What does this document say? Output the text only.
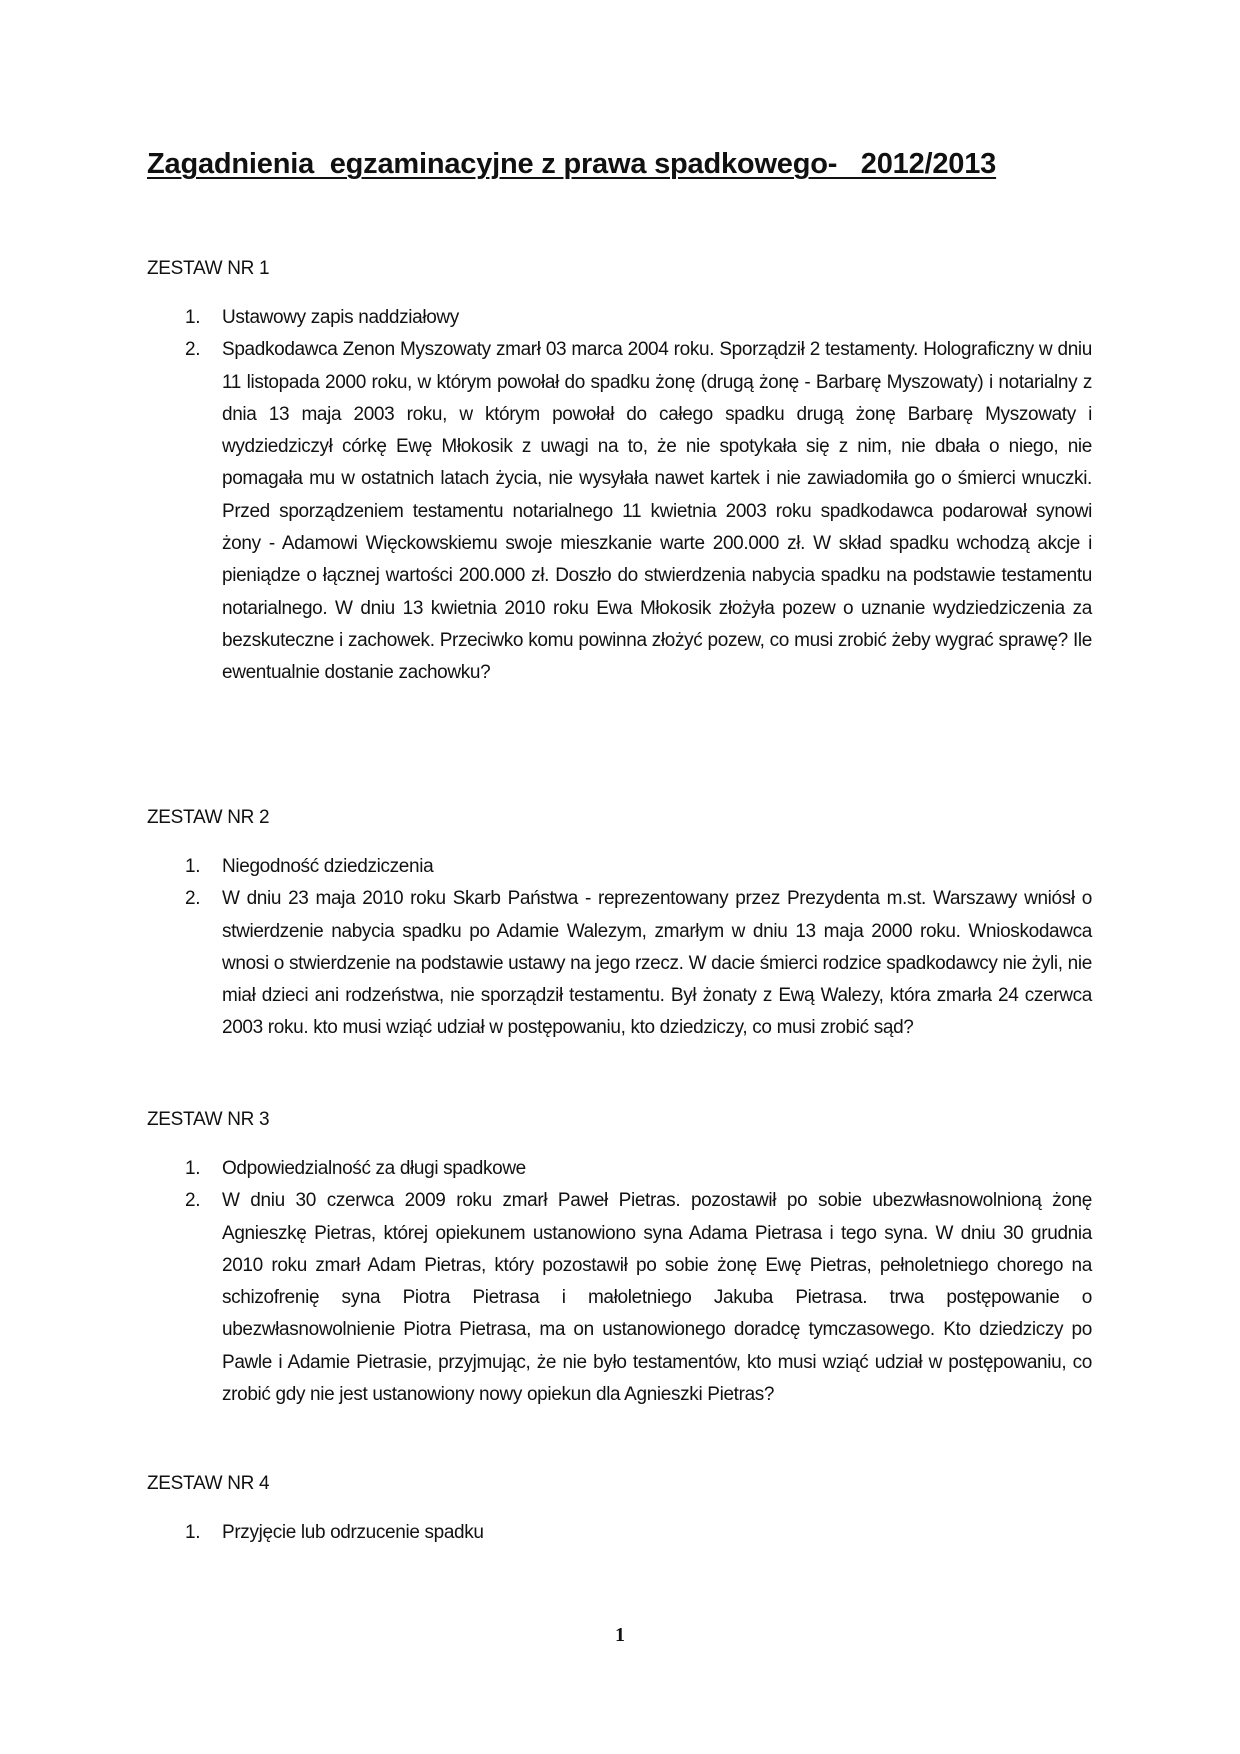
Zagadnienia  egzaminacyjne z prawa spadkowego-   2012/2013
ZESTAW NR 1
1. Ustawowy zapis naddziałowy
2. Spadkodawca Zenon Myszowaty zmarł 03 marca 2004 roku. Sporządził 2 testamenty. Holograficzny w dniu 11 listopada 2000 roku, w którym powołał do spadku żonę (drugą żonę - Barbarę Myszowaty) i notarialny z dnia 13 maja 2003 roku, w którym powołał do całego spadku drugą żonę Barbarę Myszowaty i wydziedziczył córkę Ewę Młokosik z uwagi na to, że nie spotykała się z nim, nie dbała o niego, nie pomagała mu w ostatnich latach życia, nie wysyłała nawet kartek i nie zawiadomiła go o śmierci wnuczki. Przed sporządzeniem testamentu notarialnego 11 kwietnia 2003 roku spadkodawca podarował synowi żony - Adamowi Więckowskiemu swoje mieszkanie warte 200.000 zł. W skład spadku wchodzą akcje i pieniądze o łącznej wartości 200.000 zł. Doszło do stwierdzenia nabycia spadku na podstawie testamentu notarialnego. W dniu 13 kwietnia 2010 roku Ewa Młokosik złożyła pozew o uznanie wydziedziczenia za bezskuteczne i zachowek. Przeciwko komu powinna złożyć pozew, co musi zrobić żeby wygrać sprawę? Ile ewentualnie dostanie zachowku?
ZESTAW NR 2
1. Niegodność dziedziczenia
2. W dniu 23 maja 2010 roku Skarb Państwa - reprezentowany przez Prezydenta m.st. Warszawy wniósł o stwierdzenie nabycia spadku po Adamie Walezym, zmarłym w dniu 13 maja 2000 roku. Wnioskodawca wnosi o stwierdzenie na podstawie ustawy na jego rzecz. W dacie śmierci rodzice spadkodawcy nie żyli, nie miał dzieci ani rodzeństwa, nie sporządził testamentu. Był żonaty z Ewą Walezy, która zmarła 24 czerwca 2003 roku. kto musi wziąć udział w postępowaniu, kto dziedziczy, co musi zrobić sąd?
ZESTAW NR 3
1. Odpowiedzialność za długi spadkowe
2. W dniu 30 czerwca 2009 roku zmarł Paweł Pietras. pozostawił po sobie ubezwłasnowolnioną żonę Agnieszkę Pietras, której opiekunem ustanowiono syna Adama Pietrasa i tego syna. W dniu 30 grudnia 2010 roku zmarł Adam Pietras, który pozostawił po sobie żonę Ewę Pietras, pełnoletniego chorego na schizofrenię syna Piotra Pietrasa i małoletniego Jakuba Pietrasa. trwa postępowanie o ubezwłasnowolnienie Piotra Pietrasa, ma on ustanowionego doradcę tymczasowego. Kto dziedziczy po Pawle i Adamie Pietrasie, przyjmując, że nie było testamentów, kto musi wziąć udział w postępowaniu, co zrobić gdy nie jest ustanowiony nowy opiekun dla Agnieszki Pietras?
ZESTAW NR 4
1. Przyjęcie lub odrzucenie spadku
1
